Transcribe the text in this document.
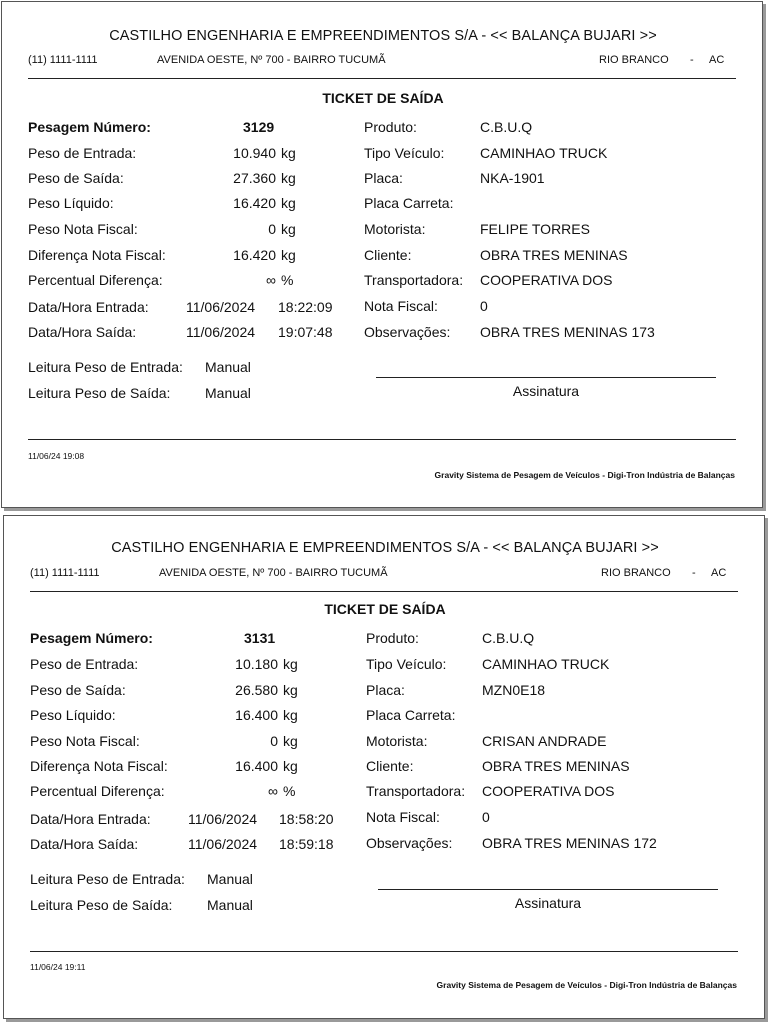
CASTILHO ENGENHARIA E EMPREENDIMENTOS S/A - << BALANÇA BUJARI >>
(11) 1111-1111	AVENIDA OESTE, Nº 700 - BAIRRO TUCUMÃ	RIO BRANCO - AC
TICKET DE SAÍDA
Pesagem Número:	3129
Peso de Entrada:	10.940 kg
Peso de Saída:	27.360 kg
Peso Líquido:	16.420 kg
Peso Nota Fiscal:	0 kg
Diferença Nota Fiscal:	16.420 kg
Percentual Diferença:	∞ %
Data/Hora Entrada:	11/06/2024 18:22:09
Data/Hora Saída:	11/06/2024 19:07:48
Leitura Peso de Entrada: Manual
Leitura Peso de Saída: Manual
Produto:	C.B.U.Q
Tipo Veículo:	CAMINHAO TRUCK
Placa:	NKA-1901
Placa Carreta:
Motorista:	FELIPE TORRES
Cliente:	OBRA TRES MENINAS
Transportadora: COOPERATIVA DOS
Nota Fiscal:	0
Observações: OBRA TRES MENINAS 173
Assinatura
11/06/24 19:08
Gravity Sistema de Pesagem de Veículos - Digi-Tron Indústria de Balanças
CASTILHO ENGENHARIA E EMPREENDIMENTOS S/A - << BALANÇA BUJARI >>
(11) 1111-1111	AVENIDA OESTE, Nº 700 - BAIRRO TUCUMÃ	RIO BRANCO - AC
TICKET DE SAÍDA
Pesagem Número:	3131
Peso de Entrada:	10.180 kg
Peso de Saída:	26.580 kg
Peso Líquido:	16.400 kg
Peso Nota Fiscal:	0 kg
Diferença Nota Fiscal:	16.400 kg
Percentual Diferença:	∞ %
Data/Hora Entrada:	11/06/2024 18:58:20
Data/Hora Saída:	11/06/2024 18:59:18
Leitura Peso de Entrada: Manual
Leitura Peso de Saída: Manual
Produto:	C.B.U.Q
Tipo Veículo:	CAMINHAO TRUCK
Placa:	MZN0E18
Placa Carreta:
Motorista:	CRISAN ANDRADE
Cliente:	OBRA TRES MENINAS
Transportadora: COOPERATIVA DOS
Nota Fiscal:	0
Observações: OBRA TRES MENINAS 172
Assinatura
11/06/24 19:11
Gravity Sistema de Pesagem de Veículos - Digi-Tron Indústria de Balanças
